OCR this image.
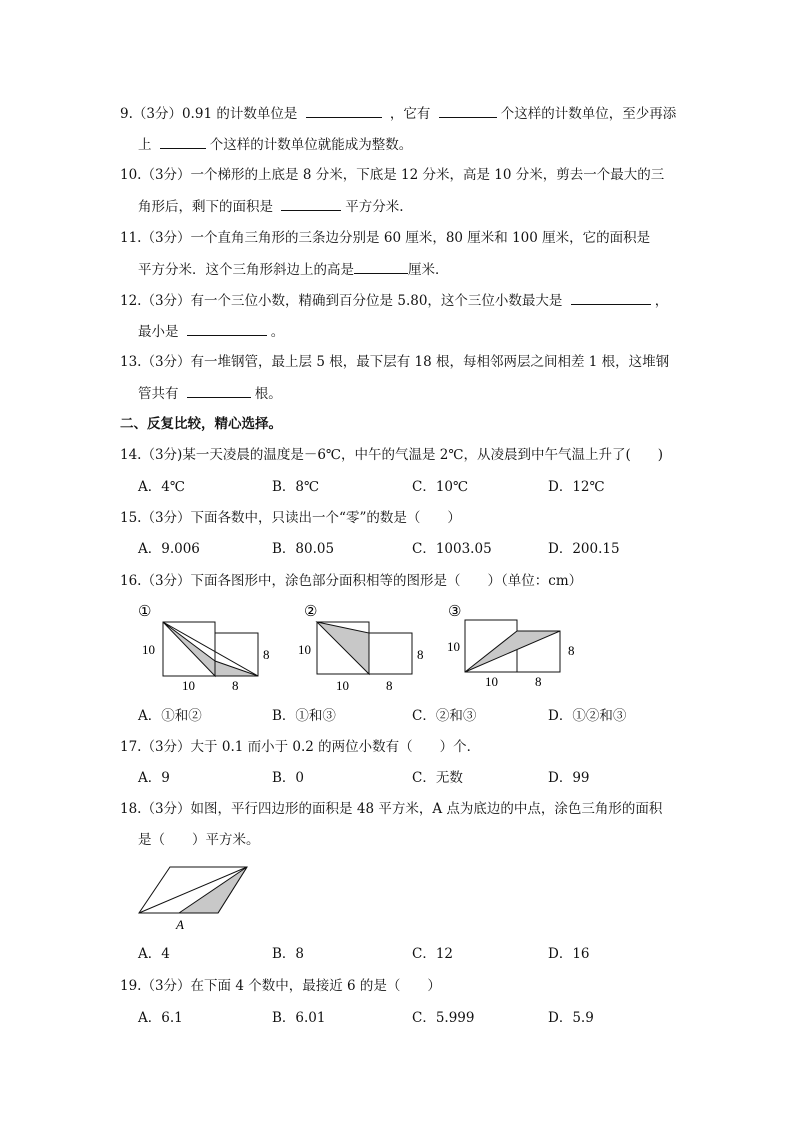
9.（3分）0.91 的计数单位是	，它有	个这样的计数单位，至少再添
上	个这样的计数单位就能成为整数。
10.（3分）一个梯形的上底是 8 分米，下底是 12 分米，高是 10 分米，剪去一个最大的三
角形后，剩下的面积是	平方分米.
11.（3分）一个直角三角形的三条边分别是 60 厘米，80 厘米和 100 厘米，它的面积是
平方分米．这个三角形斜边上的高是	厘米．
12.（3分）有一个三位小数，精确到百分位是 5.80，这个三位小数最大是	，
最小是	。
13.（3分）有一堆钢管，最上层 5 根，最下层有 18 根，每相邻两层之间相差 1 根，这堆钢
管共有	根。
二、反复比较，精心选择。
14.（3分)某一天凌晨的温度是－6℃，中午的气温是 2℃，从凌晨到中午气温上升了(　　)
A．4℃	B．8℃	C．10℃	D．12℃
15.（3分）下面各数中，只读出一个“零”的数是（　　）
A．9.006	B．80.05	C．1003.05	D．200.15
16.（3分）下面各图形中，涂色部分面积相等的图形是（　　）（单位：cm）
①
10	8
10	8
②
10	8
10	8
③
10	8
10	8
A．①和②	B．①和③	C．②和③	D．①②和③
17.（3分）大于 0.1 而小于 0.2 的两位小数有（　　）个．
A．9	B．0	C．无数	D．99
18.（3分）如图，平行四边形的面积是 48 平方米，A 点为底边的中点，涂色三角形的面积
是（　　）平方米。
A
A．4	B．8	C．12	D．16
19.（3分）在下面 4 个数中，最接近 6 的是（　　）
A．6.1	B．6.01	C．5.999	D．5.9
